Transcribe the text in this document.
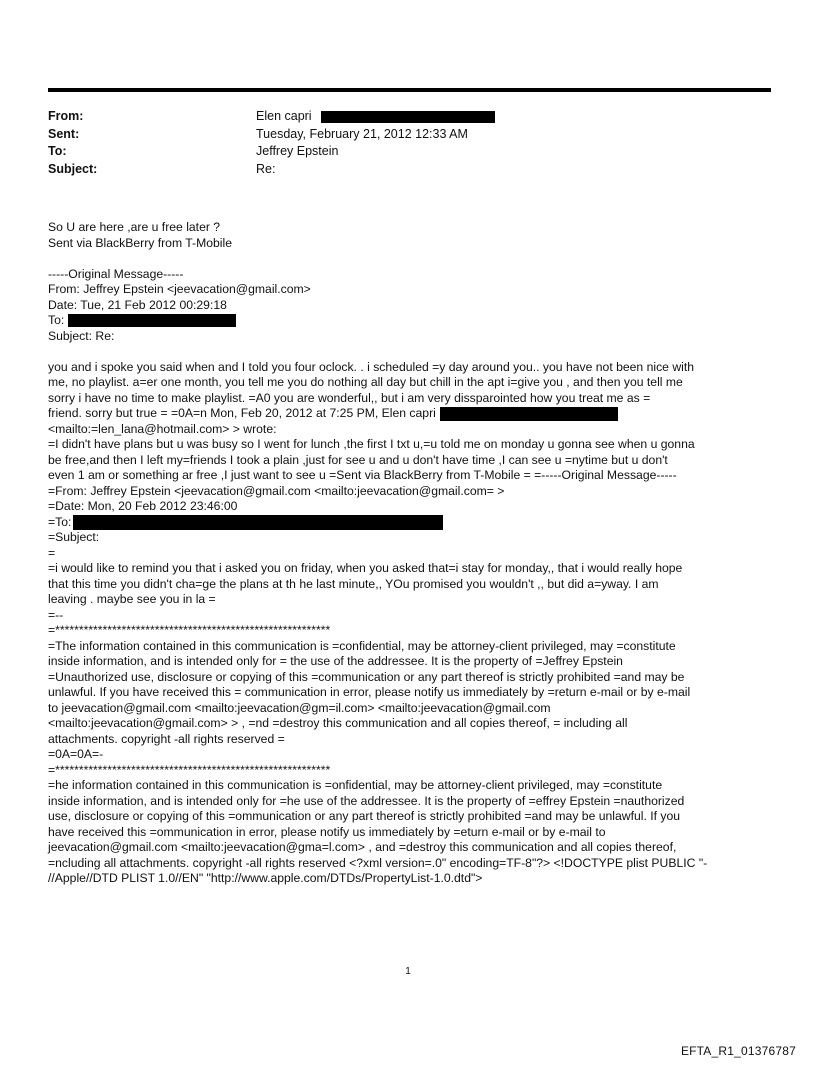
From:	Elen capri
Sent:	Tuesday, February 21, 2012 12:33 AM
To:	Jeffrey Epstein
Subject:	Re:
So U are here ,are u free later ?
Sent via BlackBerry from T-Mobile
-----Original Message-----
From: Jeffrey Epstein <jeevacation@gmail.com>
Date: Tue, 21 Feb 2012 00:29:18
To:
Subject: Re:
you and i spoke you said when and I told you four oclock. . i scheduled =y day around you.. you have not been nice with
me, no playlist. a=er one month, you tell me you do nothing all day but chill in the apt i=give you , and then you tell me
sorry i have no time to make playlist. =A0 you are wonderful,, but i am very dissparointed how you treat me as =
friend. sorry but true = =0A=n Mon, Feb 20, 2012 at 7:25 PM, Elen capri
<mailto:=len_lana@hotmail.com> > wrote:
=I didn't have plans but u was busy so I went for lunch ,the first I txt u,=u told me on monday u gonna see when u gonna
be free,and then I left my=friends I took a plain ,just for see u and u don't have time ,I can see u =nytime but u don't
even 1 am or something ar free ,I just want to see u =Sent via BlackBerry from T-Mobile = =-----Original Message-----
=From: Jeffrey Epstein <jeevacation@gmail.com <mailto:jeevacation@gmail.com= >
=Date: Mon, 20 Feb 2012 23:46:00
=To:
=Subject:
=
=i would like to remind you that i asked you on friday, when you asked that=i stay for monday,, that i would really hope
that this time you didn't cha=ge the plans at th he last minute,, YOu promised you wouldn't ,, but did a=yway. I am
leaving . maybe see you in la =
=--
=**********************************************************
=The information contained in this communication is =confidential, may be attorney-client privileged, may =constitute
inside information, and is intended only for = the use of the addressee. It is the property of =Jeffrey Epstein
=Unauthorized use, disclosure or copying of this =communication or any part thereof is strictly prohibited =and may be
unlawful. If you have received this = communication in error, please notify us immediately by =return e-mail or by e-mail
to jeevacation@gmail.com <mailto:jeevacation@gm=il.com> <mailto:jeevacation@gmail.com
<mailto:jeevacation@gmail.com> > , =nd =destroy this communication and all copies thereof, = including all
attachments. copyright -all rights reserved =
=0A=0A=-
=**********************************************************
=he information contained in this communication is =onfidential, may be attorney-client privileged, may =constitute
inside information, and is intended only for =he use of the addressee. It is the property of =effrey Epstein =nauthorized
use, disclosure or copying of this =ommunication or any part thereof is strictly prohibited =and may be unlawful. If you
have received this =ommunication in error, please notify us immediately by =eturn e-mail or by e-mail to
jeevacation@gmail.com <mailto:jeevacation@gma=l.com> , and =destroy this communication and all copies thereof,
=ncluding all attachments. copyright -all rights reserved <?xml version=.0" encoding=TF-8"?> <!DOCTYPE plist PUBLIC "-
//Apple//DTD PLIST 1.0//EN" "http://www.apple.com/DTDs/PropertyList-1.0.dtd">
1
EFTA_R1_01376787
